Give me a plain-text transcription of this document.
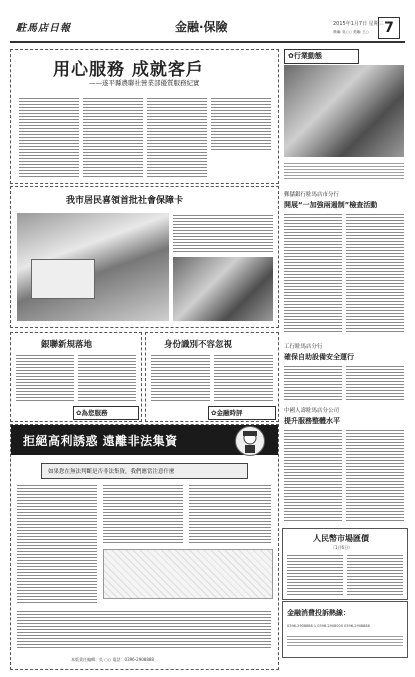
駐馬店日報	金融·保險	2015年1月7日 星期三
責編: 吳○○ 美編: 王○	7
用心服務 成就客戶
——遂平縣農聯社營業部優質服務紀實
✿行業動態
我市居民喜領首批社會保障卡
郵儲銀行駐馬店市分行
開展“一加強兩遏制”檢查活動
銀聯新規落地
✿為您服務
身份識別不容忽視
✿金融時評
工行駐馬店分行
確保自助設備安全運行
中國人壽駐馬店分公司
提升服務整體水平
拒絕高利誘惑 遠離非法集資
如果您在無法判斷是否非法集資，我們應當注意什麼
本版責任編輯：吳 ○○ 電話：0396-2908888
人民幣市場匯價
（1月6日）
金融消費投訴熱線：
0396-2908888 1 0396-2908000 0396-2908888
